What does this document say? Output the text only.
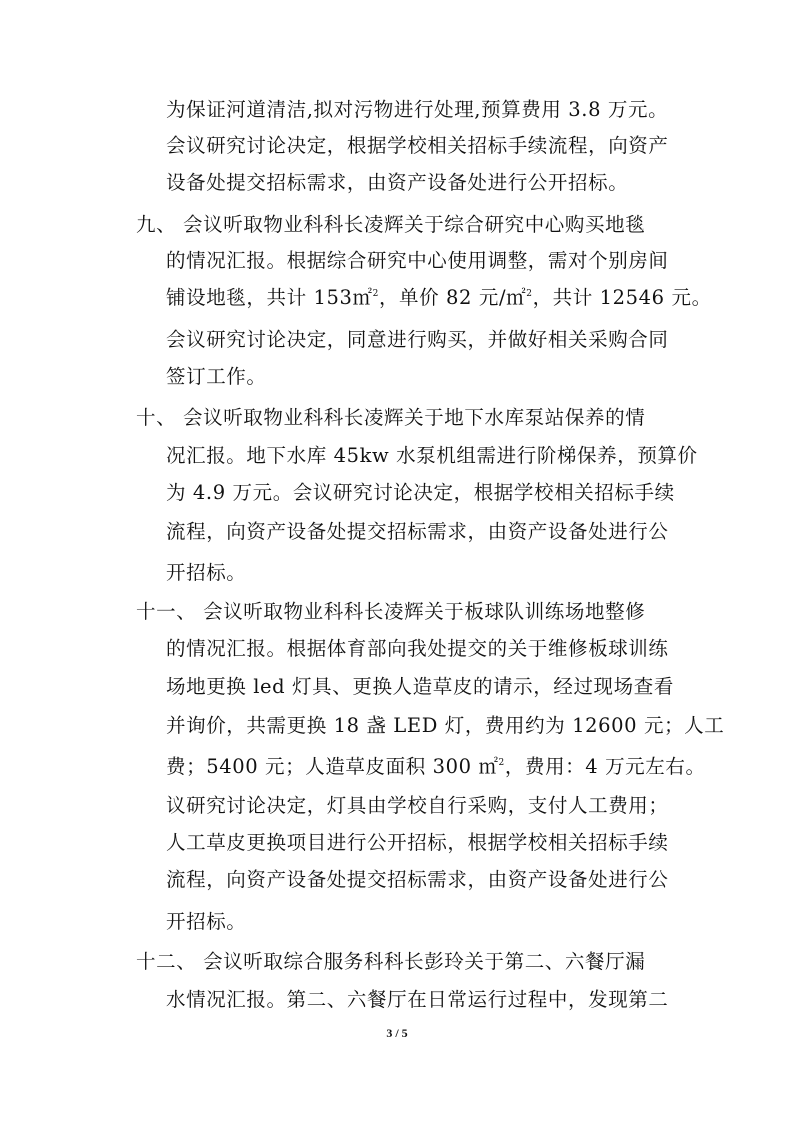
为保证河道清洁,拟对污物进行处理,预算费用 3.8 万元。
会议研究讨论决定，根据学校相关招标手续流程，向资产
设备处提交招标需求，由资产设备处进行公开招标。
九、 会议听取物业科科长凌辉关于综合研究中心购买地毯
的情况汇报。根据综合研究中心使用调整，需对个别房间
铺设地毯，共计 153㎡$^2$，单价 82 元/㎡$^2$，共计 12546 元。
会议研究讨论决定，同意进行购买，并做好相关采购合同
签订工作。
十、 会议听取物业科科长凌辉关于地下水库泵站保养的情
况汇报。地下水库 45kw 水泵机组需进行阶梯保养，预算价
为 4.9 万元。会议研究讨论决定，根据学校相关招标手续
流程，向资产设备处提交招标需求，由资产设备处进行公
开招标。
十一、 会议听取物业科科长凌辉关于板球队训练场地整修
的情况汇报。根据体育部向我处提交的关于维修板球训练
场地更换 led 灯具、更换人造草皮的请示，经过现场查看
并询价，共需更换 18 盏 LED 灯，费用约为 12600 元；人工
费；5400 元；人造草皮面积 300 ㎡$^2$，费用：4 万元左右。
议研究讨论决定，灯具由学校自行采购，支付人工费用；
人工草皮更换项目进行公开招标，根据学校相关招标手续
流程，向资产设备处提交招标需求，由资产设备处进行公
开招标。
十二、 会议听取综合服务科科长彭玲关于第二、六餐厅漏
水情况汇报。第二、六餐厅在日常运行过程中，发现第二
3 / 5
